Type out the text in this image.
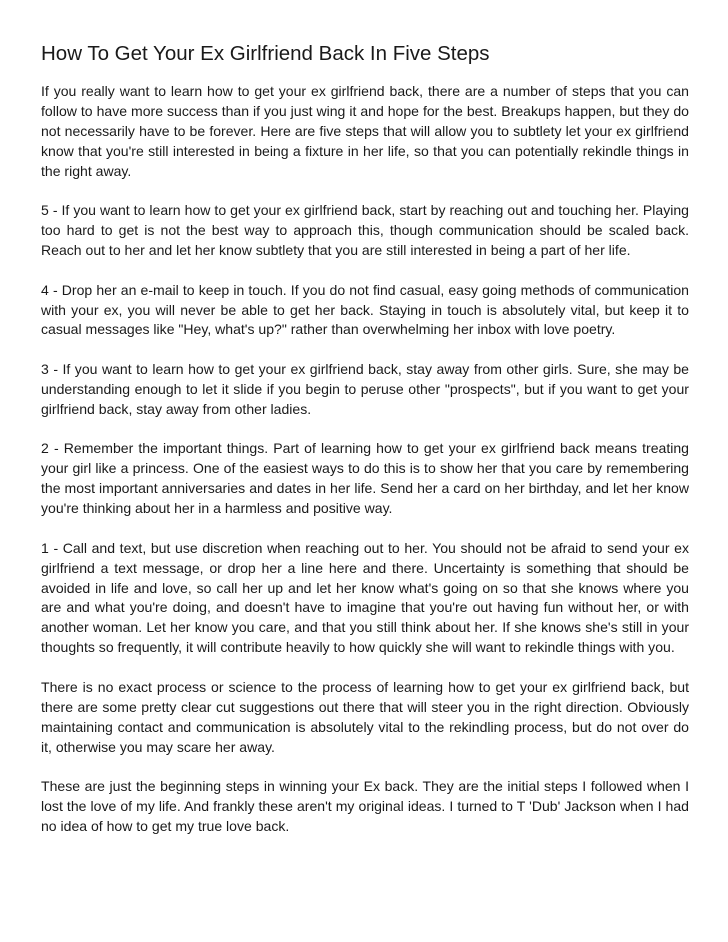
How To Get Your Ex Girlfriend Back In Five Steps

If you really want to learn how to get your ex girlfriend back, there are a number of steps that you can follow to have more success than if you just wing it and hope for the best. Breakups happen, but they do not necessarily have to be forever. Here are five steps that will allow you to subtlety let your ex girlfriend know that you're still interested in being a fixture in her life, so that you can potentially rekindle things in the right away.

5 - If you want to learn how to get your ex girlfriend back, start by reaching out and touching her. Playing too hard to get is not the best way to approach this, though communication should be scaled back. Reach out to her and let her know subtlety that you are still interested in being a part of her life.

4 - Drop her an e-mail to keep in touch. If you do not find casual, easy going methods of communication with your ex, you will never be able to get her back. Staying in touch is absolutely vital, but keep it to casual messages like "Hey, what's up?" rather than overwhelming her inbox with love poetry.

3 - If you want to learn how to get your ex girlfriend back, stay away from other girls. Sure, she may be understanding enough to let it slide if you begin to peruse other "prospects", but if you want to get your girlfriend back, stay away from other ladies.

2 - Remember the important things. Part of learning how to get your ex girlfriend back means treating your girl like a princess. One of the easiest ways to do this is to show her that you care by remembering the most important anniversaries and dates in her life. Send her a card on her birthday, and let her know you're thinking about her in a harmless and positive way.

1 - Call and text, but use discretion when reaching out to her. You should not be afraid to send your ex girlfriend a text message, or drop her a line here and there. Uncertainty is something that should be avoided in life and love, so call her up and let her know what's going on so that she knows where you are and what you're doing, and doesn't have to imagine that you're out having fun without her, or with another woman. Let her know you care, and that you still think about her. If she knows she's still in your thoughts so frequently, it will contribute heavily to how quickly she will want to rekindle things with you.

There is no exact process or science to the process of learning how to get your ex girlfriend back, but there are some pretty clear cut suggestions out there that will steer you in the right direction. Obviously maintaining contact and communication is absolutely vital to the rekindling process, but do not over do it, otherwise you may scare her away.

These are just the beginning steps in winning your Ex back. They are the initial steps I followed when I lost the love of my life. And frankly these aren't my original ideas. I turned to T 'Dub' Jackson when I had no idea of how to get my true love back.
